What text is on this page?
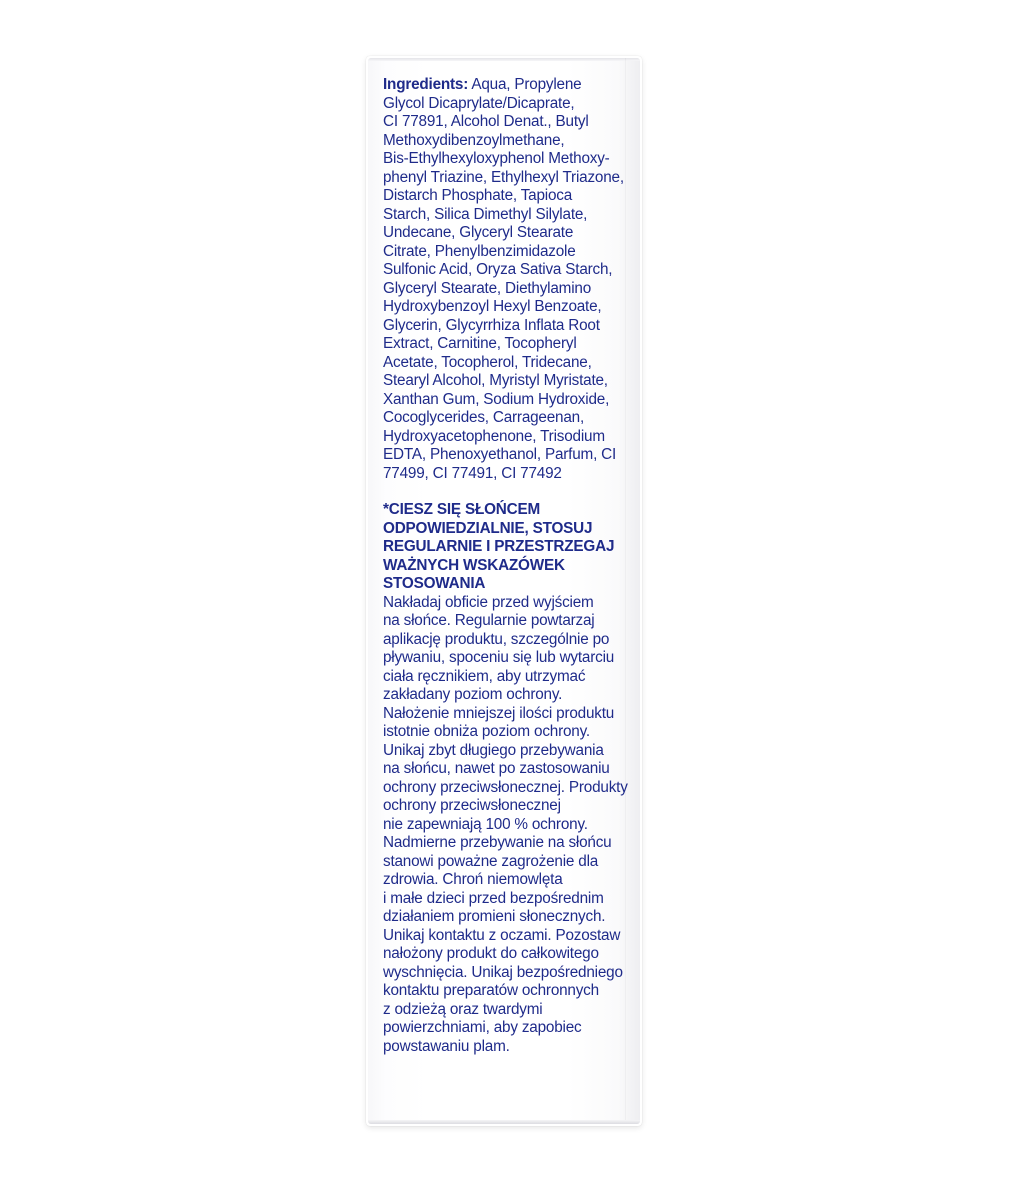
Ingredients: Aqua, Propylene
Glycol Dicaprylate/Dicaprate,
CI 77891, Alcohol Denat., Butyl
Methoxydibenzoylmethane,
Bis-Ethylhexyloxyphenol Methoxy-
phenyl Triazine, Ethylhexyl Triazone,
Distarch Phosphate, Tapioca
Starch, Silica Dimethyl Silylate,
Undecane, Glyceryl Stearate
Citrate, Phenylbenzimidazole
Sulfonic Acid, Oryza Sativa Starch,
Glyceryl Stearate, Diethylamino
Hydroxybenzoyl Hexyl Benzoate,
Glycerin, Glycyrrhiza Inflata Root
Extract, Carnitine, Tocopheryl
Acetate, Tocopherol, Tridecane,
Stearyl Alcohol, Myristyl Myristate,
Xanthan Gum, Sodium Hydroxide,
Cocoglycerides, Carrageenan,
Hydroxyacetophenone, Trisodium
EDTA, Phenoxyethanol, Parfum, CI
77499, CI 77491, CI 77492

*CIESZ SIĘ SŁOŃCEM
ODPOWIEDZIALNIE, STOSUJ
REGULARNIE I PRZESTRZEGAJ
WAŻNYCH WSKAZÓWEK
STOSOWANIA

Nakładaj obficie przed wyjściem
na słońce. Regularnie powtarzaj
aplikację produktu, szczególnie po
pływaniu, spoceniu się lub wytarciu
ciała ręcznikiem, aby utrzymać
zakładany poziom ochrony.
Nałożenie mniejszej ilości produktu
istotnie obniża poziom ochrony.
Unikaj zbyt długiego przebywania
na słońcu, nawet po zastosowaniu
ochrony przeciwsłonecznej. Produkty
ochrony przeciwsłonecznej
nie zapewniają 100 % ochrony.
Nadmierne przebywanie na słońcu
stanowi poważne zagrożenie dla
zdrowia. Chroń niemowlęta
i małe dzieci przed bezpośrednim
działaniem promieni słonecznych.
Unikaj kontaktu z oczami. Pozostaw
nałożony produkt do całkowitego
wyschnięcia. Unikaj bezpośredniego
kontaktu preparatów ochronnych
z odzieżą oraz twardymi
powierzchniami, aby zapobiec
powstawaniu plam.
